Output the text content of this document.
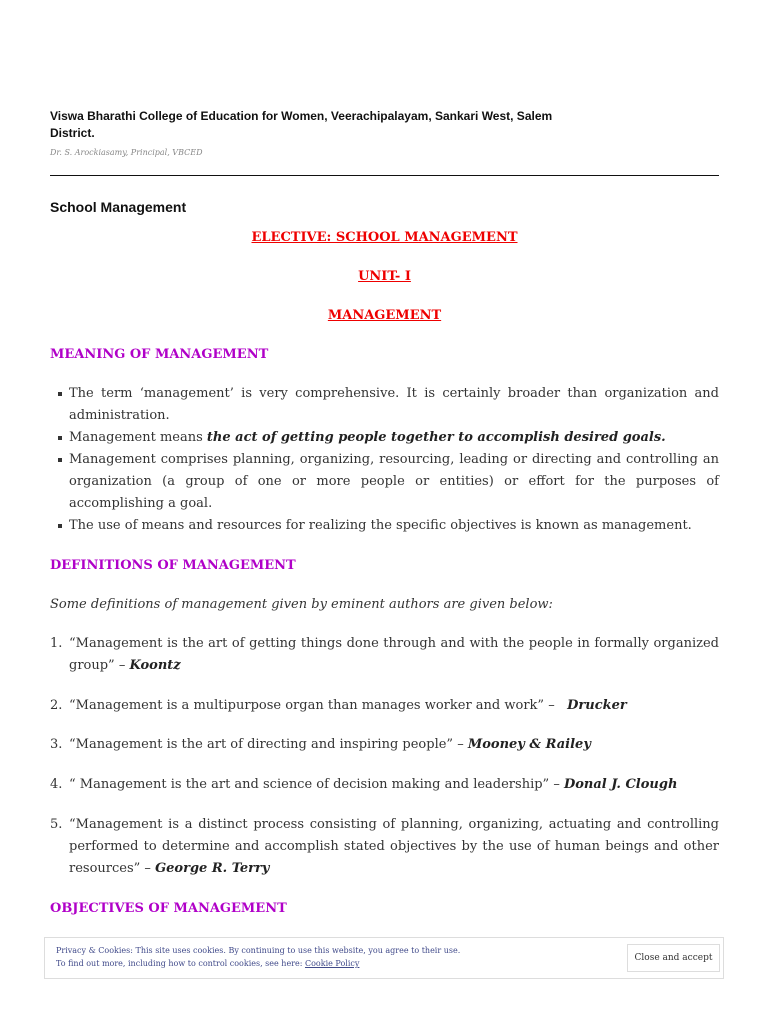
Viswa Bharathi College of Education for Women, Veerachipalayam, Sankari West, Salem District.

Dr. S. Arockiasamy, Principal, VBCED
School Management

ELECTIVE: SCHOOL MANAGEMENT

UNIT- I

MANAGEMENT

MEANING OF MANAGEMENT

The term ‘management’ is very comprehensive. It is certainly broader than organization and administration.
Management means the act of getting people together to accomplish desired goals.
Management comprises planning, organizing, resourcing, leading or directing and controlling an organization (a group of one or more people or entities) or effort for the purposes of accomplishing a goal.
The use of means and resources for realizing the specific objectives is known as management.

DEFINITIONS OF MANAGEMENT

Some definitions of management given by eminent authors are given below:

1. “Management is the art of getting things done through and with the people in formally organized group” – Koontz
2. “Management is a multipurpose organ than manages worker and work” – Drucker
3. “Management is the art of directing and inspiring people” – Mooney & Railey
4. “ Management is the art and science of decision making and leadership” – Donal J. Clough
5. “Management is a distinct process consisting of planning, organizing, actuating and controlling performed to determine and accomplish stated objectives by the use of human beings and other resources” – George R. Terry

OBJECTIVES OF MANAGEMENT

Privacy & Cookies: This site uses cookies. By continuing to use this website, you agree to their use.
To find out more, including how to control cookies, see here: Cookie Policy
Close and accept
